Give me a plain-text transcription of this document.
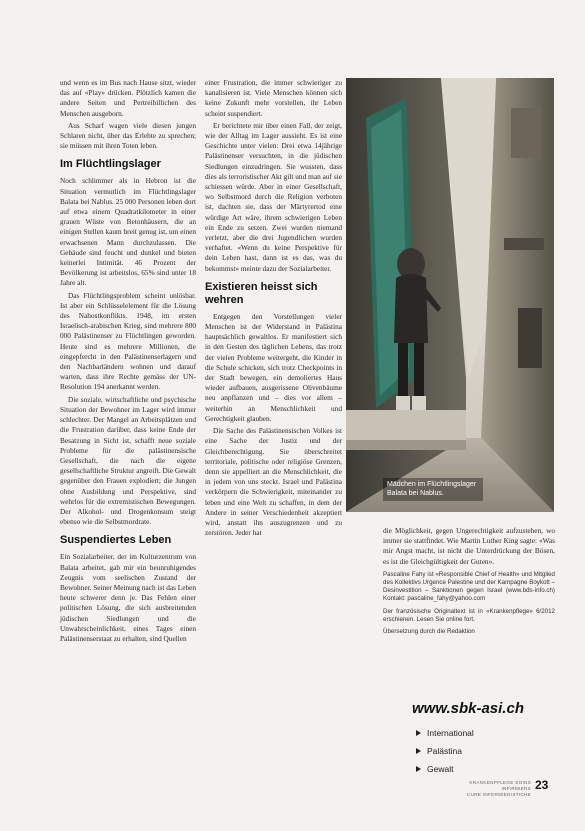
und wenn es im Bus nach Hause sitzt, wieder das auf «Play» drücken. Plötzlich kamen die andere Seiten und Pertreibillichen des Menschen ausgeborn.

Aus Scharf wagen viele diesen jungen Schlaren nicht, über das Erlebte zu sprechen; sie müssen mit ihren Toten leben.

Im Flüchtlingslager

Noch schlimmer als in Hebron ist die Situation vermutlich im Flüchtlingslager Balata bei Nablus. 25 000 Personen leben dort auf etwa einem Quadratkilometer in einer grauen Wüste von Betonhäusern, die an einigen Stellen kaum breit genug ist, um einen erwachsenen Mann durchzulassen. Die Gebäude sind feucht und dunkel und bieten keinerlei Intimität. 46 Prozent der Bevölkerung ist arbeitslos, 65% sind unter 18 Jahre alt.

Das Flüchtlingsproblem scheint unlösbar. Ist aber ein Schlüsselelement für die Lösung des Nahostkonflikts. 1948, im ersten Israelisch-arabischen Krieg, sind mehrere 800 000 Palästinenser zu Flüchtlingen geworden. Heute sind es mehrere Millionen, die eingepfercht in den Palästinenserlagern und den Nachbarländern wohnen und darauf warten, dass ihre Rechte gemäss der UN-Resolution 194 anerkannt werden.

Die soziale, wirtschaftliche und psychische Situation der Bewohner im Lager wird immer schlechter. Der Mangel an Arbeitsplätzen und die Frustration darüber, dass keine Ende der Besatzung in Sicht ist, schafft neue soziale Probleme für die palästinensische Gesellschaft, die nach die eigene gesellschaftliche Struktur angreift. Die Gewalt gegenüber den Frauen explodiert; die Jungen ohne Ausbildung und Perspektive, sind wehrlos für die extremistischen Bewegungen. Der Alkohol- und Drogenkonsum steigt ebenso wie die Selbstmordrate.

Suspendiertes Leben

Ein Sozialarbeiter, der im Kulturzentrum von Balata arbeitet, gab mir ein beunruhigendes Zeugnis vom seelischen Zustand der Bewohner. Seiner Meinung nach ist das Leben heute schwerer denn je. Das Fehlen einer politischen Lösung, die sich ausbreitenden jüdischen Siedlungen und die Unwahrscheinlichkeit, eines Tages einen Palästinenserstaat zu erhalten, sind Quellen

einer Frustration, die immer schwieriger zu kanalisieren ist. Viele Menschen können sich keine Zukunft mehr vorstellen, ihr Leben scheint suspendiert.

Er berichtete mir über einen Fall, der zeigt, wie der Alltag im Lager aussieht. Es ist eine Geschichte unter vielen: Drei etwa 14jährige Palästinenser versuchten, in die jüdischen Siedlungen einzudringen. Sie wussten, dass dies als terroristischer Akt gilt und man auf sie schiessen würde. Aber in einer Gesellschaft, wo Selbstmord durch die Religion verboten ist, dachten sie, dass der Märtyrertod eine würdige Art wäre, ihrem schwierigen Leben ein Ende zu setzen. Zwei wurden niemand verletzt, aber die drei Jugendlichen wurden verhaftet. «Wenn du keine Perspektive für dein Leben hast, dann ist es das, was du bekommst» meinte dazu der Sozialarbeiter.

Existieren heisst sich wehren

Entgegen den Vorstellungen vieler Menschen ist der Widerstand in Palästina hauptsächlich gewaltlos. Er manifestiert sich in den Gesten des täglichen Lebens, das trotz der vielen Probleme weitergeht, die Kinder in die Schule schicken, sich trotz Checkpoints in der Stadt bewegen, ein demoliertes Haus wieder aufbauen, ausgerissene Olivenbäume neu anpflanzen und – dies vor allem – weiterhin an Menschlichkeit und Gerechtigkeit glauben.

Die Sache des Palästinensischen Volkes ist eine Sache der Justiz und der Gleichberechtigung. Sie überschreitet territoriale, politische oder religiöse Grenzen, denn sie appelliert an die Menschlichkeit, die in jedem von uns steckt. Israel und Palästina verkörpern die Schwierigkeit, miteinander zu leben und eine Welt zu schaffen, in dem der Andere in seiner Verschiedenheit akzeptiert wird, anstatt ihn auszugrenzen und zu zerstören. Jeder hat

Mädchen im Flüchtlingslager Balata bei Nablus.

die Möglichkeit, gegen Ungerechtigkeit aufzustehen, wo immer sie stattfindet. Wie Martin Luther King sagte: «Was mir Angst macht, ist nicht die Unterdrückung der Bösen, es ist die Gleichgültigkeit der Guten».

Pascaline Fahy ist «Responsible Chief of Health» und Mitglied des Kollektivs Urgence Palestine und der Kampagne Boykott – Desinvestition – Sanktionen gegen Israel (www.bds-info.ch) Kontakt: pascaline_fahy@yahoo.com

Der französische Originaltext ist in «Krankenpflege» 6/2012 erschienen. Lesen Sie online fort.

Übersetzung durch die Redaktion

www.sbk-asi.ch
International
Palästina
Gewalt
KRANKENPFLEGE SOINS INFIRMIERS
CURE INFERMIERISTICHE
23
